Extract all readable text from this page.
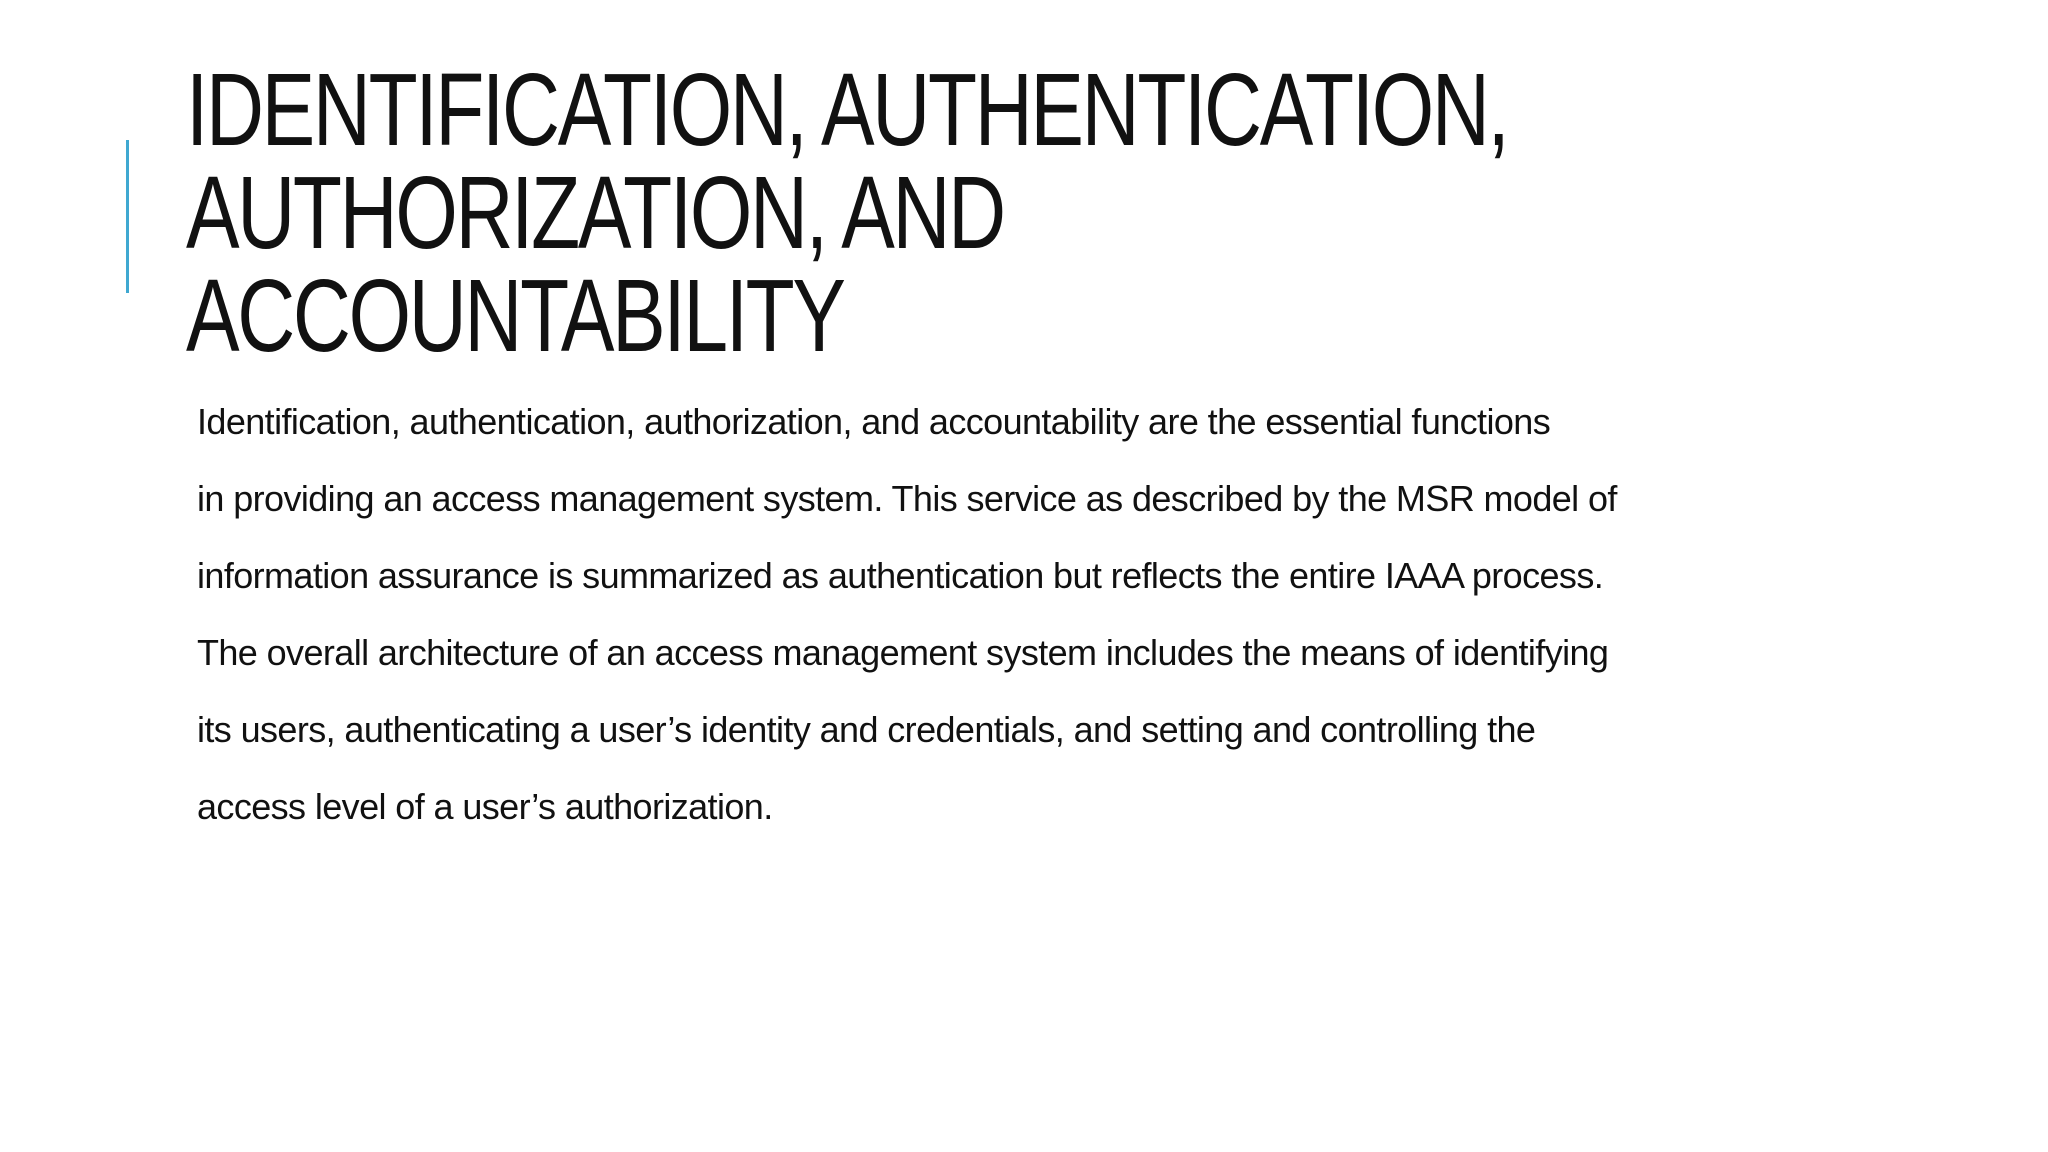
IDENTIFICATION, AUTHENTICATION,
AUTHORIZATION, AND
ACCOUNTABILITY

Identification, authentication, authorization, and accountability are the essential functions
in providing an access management system. This service as described by the MSR model of
information assurance is summarized as authentication but reflects the entire IAAA process.
The overall architecture of an access management system includes the means of identifying
its users, authenticating a user’s identity and credentials, and setting and controlling the
access level of a user’s authorization.
